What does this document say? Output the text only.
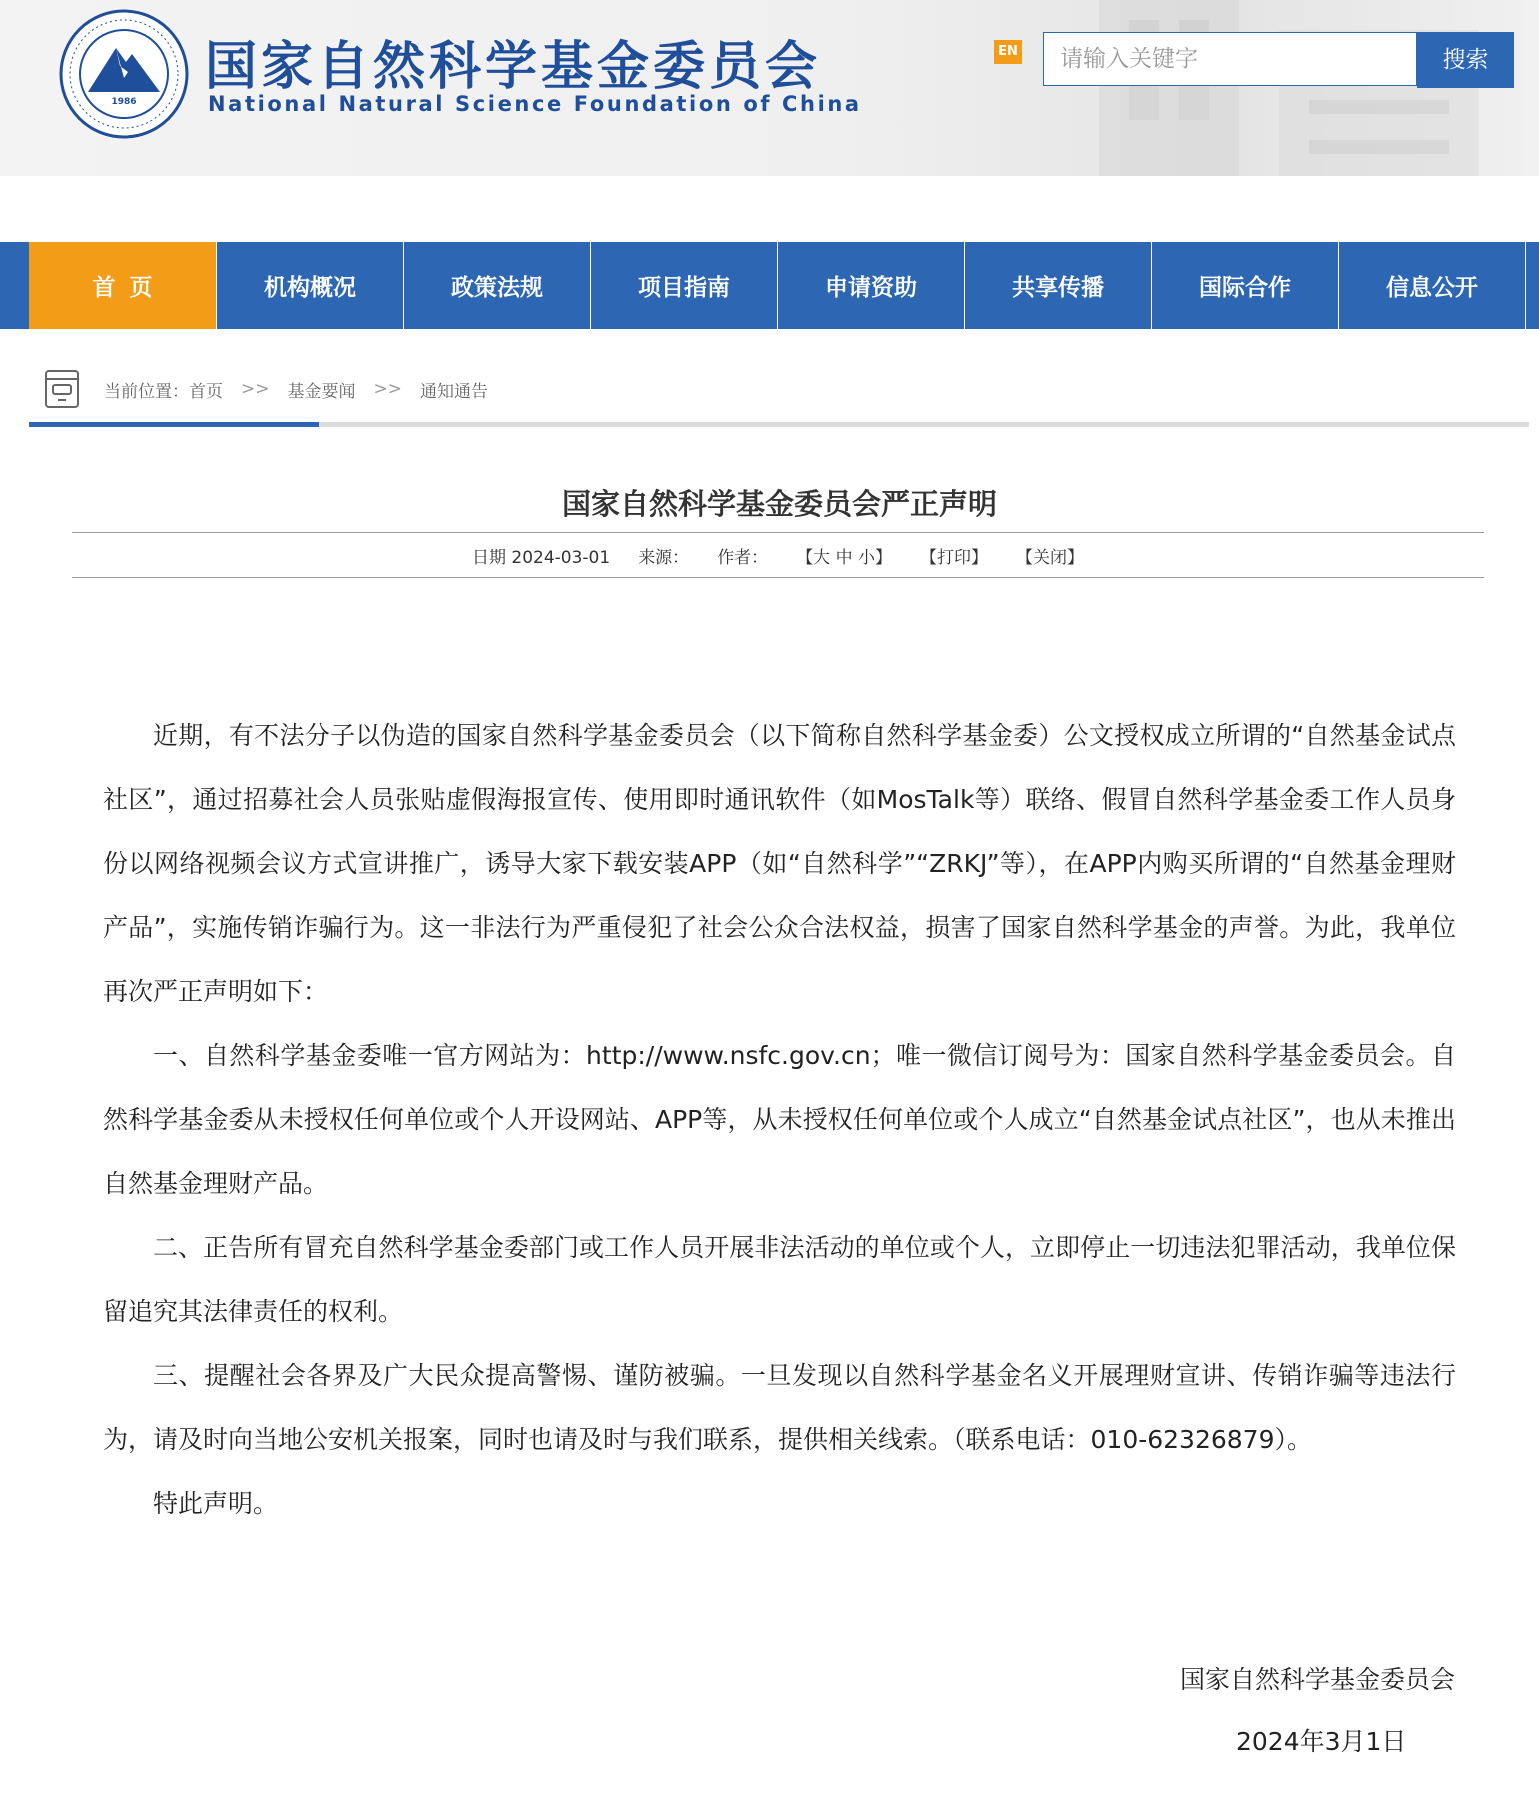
1986
国家自然科学基金委员会
National Natural Science Foundation of China
EN
请输入关键字	搜索
首页	机构概况	政策法规	项目指南	申请资助	共享传播	国际合作	信息公开
当前位置： 首页 >> 基金要闻 >> 通知通告
国家自然科学基金委员会严正声明
日期 2024-03-01 来源： 作者： 【大 中 小】 【打印】 【关闭】

近期，有不法分子以伪造的国家自然科学基金委员会（以下简称自然科学基金委）公文授权成立所谓的“自然基金试点社区”，通过招募社会人员张贴虚假海报宣传、使用即时通讯软件（如MosTalk等）联络、假冒自然科学基金委工作人员身份以网络视频会议方式宣讲推广，诱导大家下载安装APP（如“自然科学”“ZRKJ”等），在APP内购买所谓的“自然基金理财产品”，实施传销诈骗行为。这一非法行为严重侵犯了社会公众合法权益，损害了国家自然科学基金的声誉。为此，我单位再次严正声明如下：

一、自然科学基金委唯一官方网站为：http://www.nsfc.gov.cn；唯一微信订阅号为：国家自然科学基金委员会。自然科学基金委从未授权任何单位或个人开设网站、APP等，从未授权任何单位或个人成立“自然基金试点社区”，也从未推出自然基金理财产品。

二、正告所有冒充自然科学基金委部门或工作人员开展非法活动的单位或个人，立即停止一切违法犯罪活动，我单位保留追究其法律责任的权利。

三、提醒社会各界及广大民众提高警惕、谨防被骗。一旦发现以自然科学基金名义开展理财宣讲、传销诈骗等违法行为，请及时向当地公安机关报案，同时也请及时与我们联系，提供相关线索。（联系电话：010-62326879）。

特此声明。

国家自然科学基金委员会
2024年3月1日
